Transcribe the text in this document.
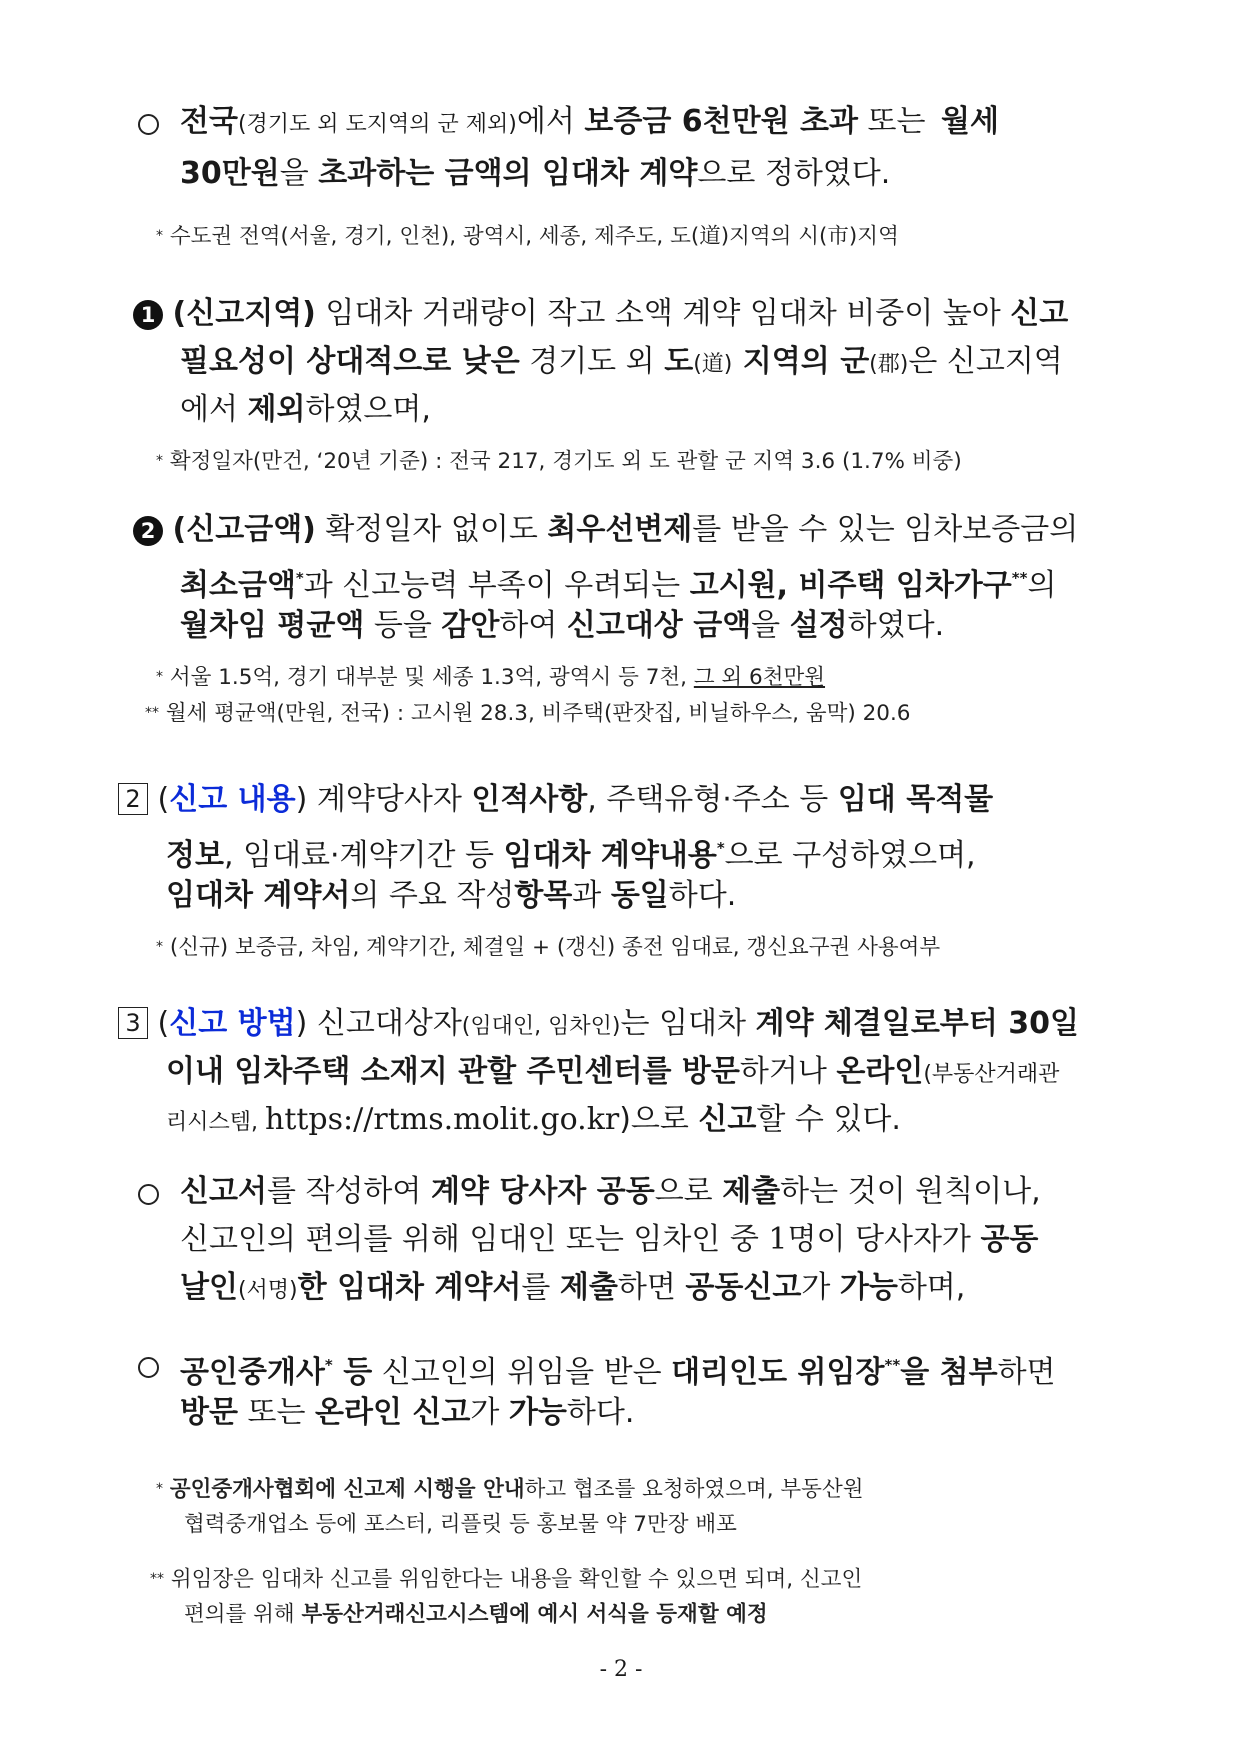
전국(경기도 외 도지역의 군 제외)에서 보증금 6천만원 초과 또는 월세
30만원을 초과하는 금액의 임대차 계약으로 정하였다.
* 수도권 전역(서울, 경기, 인천), 광역시, 세종, 제주도, 도(道)지역의 시(市)지역
1 (신고지역) 임대차 거래량이 작고 소액 계약 임대차 비중이 높아 신고
필요성이 상대적으로 낮은 경기도 외 도(道) 지역의 군(郡)은 신고지역
에서 제외하였으며,
* 확정일자(만건, ‘20년 기준) : 전국 217, 경기도 외 도 관할 군 지역 3.6 (1.7% 비중)
2 (신고금액) 확정일자 없이도 최우선변제를 받을 수 있는 임차보증금의
최소금액*과 신고능력 부족이 우려되는 고시원, 비주택 임차가구**의
월차임 평균액 등을 감안하여 신고대상 금액을 설정하였다.
* 서울 1.5억, 경기 대부분 및 세종 1.3억, 광역시 등 7천, 그 외 6천만원
** 월세 평균액(만원, 전국) : 고시원 28.3, 비주택(판잣집, 비닐하우스, 움막) 20.6
2 (신고 내용) 계약당사자 인적사항, 주택유형·주소 등 임대 목적물
정보, 임대료·계약기간 등 임대차 계약내용*으로 구성하였으며,
임대차 계약서의 주요 작성항목과 동일하다.
* (신규) 보증금, 차임, 계약기간, 체결일 + (갱신) 종전 임대료, 갱신요구권 사용여부
3 (신고 방법) 신고대상자(임대인, 임차인)는 임대차 계약 체결일로부터 30일
이내 임차주택 소재지 관할 주민센터를 방문하거나 온라인(부동산거래관
리시스템, https://rtms.molit.go.kr)으로 신고할 수 있다.
신고서를 작성하여 계약 당사자 공동으로 제출하는 것이 원칙이나,
신고인의 편의를 위해 임대인 또는 임차인 중 1명이 당사자가 공동
날인(서명)한 임대차 계약서를 제출하면 공동신고가 가능하며,
공인중개사* 등 신고인의 위임을 받은 대리인도 위임장**을 첨부하면
방문 또는 온라인 신고가 가능하다.
* 공인중개사협회에 신고제 시행을 안내하고 협조를 요청하였으며, 부동산원
협력중개업소 등에 포스터, 리플릿 등 홍보물 약 7만장 배포
** 위임장은 임대차 신고를 위임한다는 내용을 확인할 수 있으면 되며, 신고인
편의를 위해 부동산거래신고시스템에 예시 서식을 등재할 예정
- 2 -
